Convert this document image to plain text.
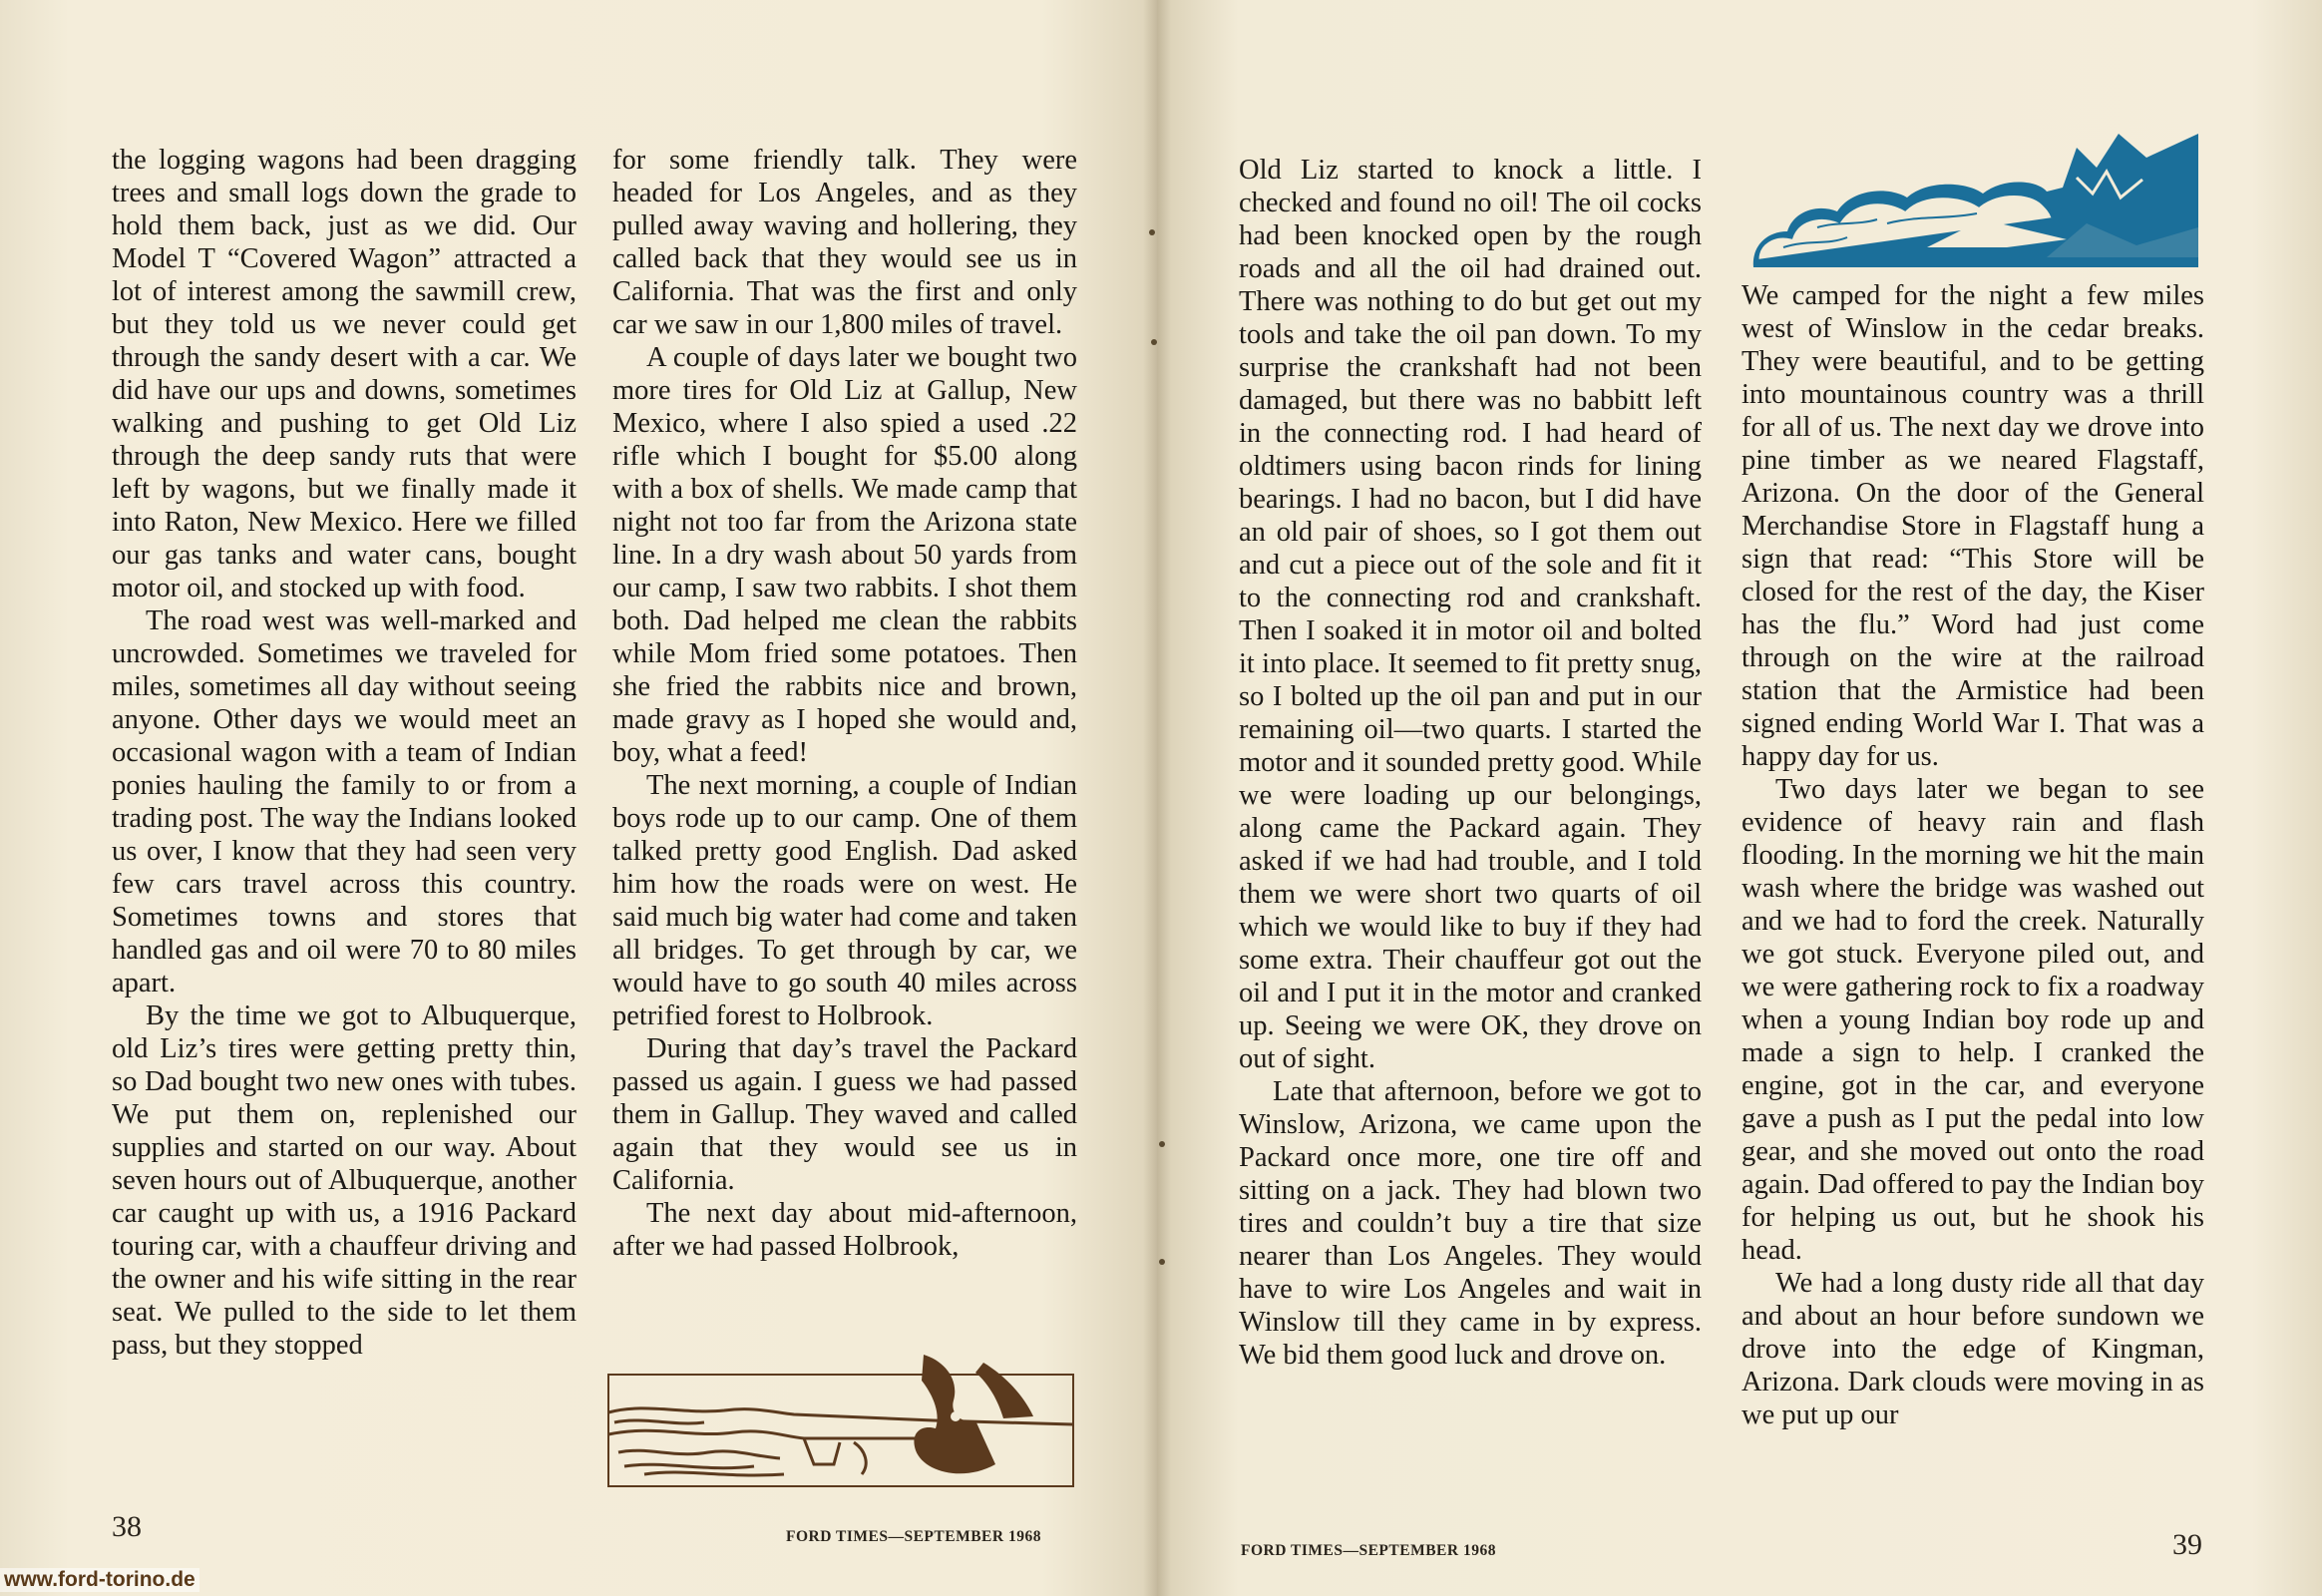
the logging wagons had been dragging trees and small logs down the grade to hold them back, just as we did. Our Model T “Covered Wagon” attracted a lot of interest among the sawmill crew, but they told us we never could get through the sandy desert with a car. We did have our ups and downs, sometimes walking and pushing to get Old Liz through the deep sandy ruts that were left by wagons, but we finally made it into Raton, New Mexico. Here we filled our gas tanks and water cans, bought motor oil, and stocked up with food.

The road west was well-marked and uncrowded. Sometimes we traveled for miles, sometimes all day without seeing anyone. Other days we would meet an occasional wagon with a team of Indian ponies hauling the family to or from a trading post. The way the Indians looked us over, I know that they had seen very few cars travel across this country. Sometimes towns and stores that handled gas and oil were 70 to 80 miles apart.

By the time we got to Albuquerque, old Liz’s tires were getting pretty thin, so Dad bought two new ones with tubes. We put them on, replenished our supplies and started on our way. About seven hours out of Albuquerque, another car caught up with us, a 1916 Packard touring car, with a chauffeur driving and the owner and his wife sitting in the rear seat. We pulled to the side to let them pass, but they stopped

for some friendly talk. They were headed for Los Angeles, and as they pulled away waving and hollering, they called back that they would see us in California. That was the first and only car we saw in our 1,800 miles of travel.

A couple of days later we bought two more tires for Old Liz at Gallup, New Mexico, where I also spied a used .22 rifle which I bought for $5.00 along with a box of shells. We made camp that night not too far from the Arizona state line. In a dry wash about 50 yards from our camp, I saw two rabbits. I shot them both. Dad helped me clean the rabbits while Mom fried some potatoes. Then she fried the rabbits nice and brown, made gravy as I hoped she would and, boy, what a feed!

The next morning, a couple of Indian boys rode up to our camp. One of them talked pretty good English. Dad asked him how the roads were on west. He said much big water had come and taken all bridges. To get through by car, we would have to go south 40 miles across petrified forest to Holbrook.

During that day’s travel the Packard passed us again. I guess we had passed them in Gallup. They waved and called again that they would see us in California.

The next day about mid-afternoon, after we had passed Holbrook,

FORD TIMES—SEPTEMBER 1968
38
www.ford-torino.de

Old Liz started to knock a little. I checked and found no oil! The oil cocks had been knocked open by the rough roads and all the oil had drained out. There was nothing to do but get out my tools and take the oil pan down. To my surprise the crankshaft had not been damaged, but there was no babbitt left in the connecting rod. I had heard of oldtimers using bacon rinds for lining bearings. I had no bacon, but I did have an old pair of shoes, so I got them out and cut a piece out of the sole and fit it to the connecting rod and crankshaft. Then I soaked it in motor oil and bolted it into place. It seemed to fit pretty snug, so I bolted up the oil pan and put in our remaining oil—two quarts. I started the motor and it sounded pretty good. While we were loading up our belongings, along came the Packard again. They asked if we had had trouble, and I told them we were short two quarts of oil which we would like to buy if they had some extra. Their chauffeur got out the oil and I put it in the motor and cranked up. Seeing we were OK, they drove on out of sight.

Late that afternoon, before we got to Winslow, Arizona, we came upon the Packard once more, one tire off and sitting on a jack. They had blown two tires and couldn’t buy a tire that size nearer than Los Angeles. They would have to wire Los Angeles and wait in Winslow till they came in by express. We bid them good luck and drove on.

We camped for the night a few miles west of Winslow in the cedar breaks. They were beautiful, and to be getting into mountainous country was a thrill for all of us. The next day we drove into pine timber as we neared Flagstaff, Arizona. On the door of the General Merchandise Store in Flagstaff hung a sign that read: “This Store will be closed for the rest of the day, the Kiser has the flu.” Word had just come through on the wire at the railroad station that the Armistice had been signed ending World War I. That was a happy day for us.

Two days later we began to see evidence of heavy rain and flash flooding. In the morning we hit the main wash where the bridge was washed out and we had to ford the creek. Naturally we got stuck. Everyone piled out, and we were gathering rock to fix a roadway when a young Indian boy rode up and made a sign to help. I cranked the engine, got in the car, and everyone gave a push as I put the pedal into low gear, and she moved out onto the road again. Dad offered to pay the Indian boy for helping us out, but he shook his head.

We had a long dusty ride all that day and about an hour before sundown we drove into the edge of Kingman, Arizona. Dark clouds were moving in as we put up our

FORD TIMES—SEPTEMBER 1968	39
